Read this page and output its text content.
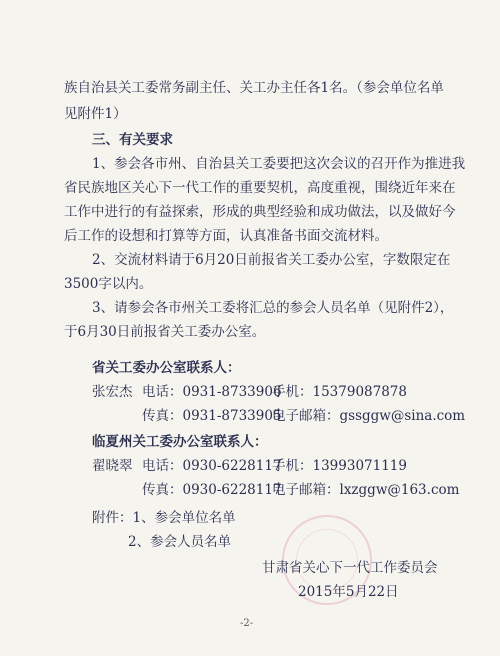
族自治县关工委常务副主任、关工办主任各1名。（参会单位名单
见附件1）
三、有关要求
1、参会各市州、自治县关工委要把这次会议的召开作为推进我
省民族地区关心下一代工作的重要契机，高度重视，围绕近年来在
工作中进行的有益探索，形成的典型经验和成功做法，以及做好今
后工作的设想和打算等方面，认真准备书面交流材料。
2、交流材料请于6月20日前报省关工委办公室，字数限定在
3500字以内。
3、请参会各市州关工委将汇总的参会人员名单（见附件2），
于6月30日前报省关工委办公室。
省关工委办公室联系人：
张宏杰 电话：0931-8733906
手机：15379087878
传真：0931-8733905
电子邮箱：gssggw@sina.com
临夏州关工委办公室联系人：
翟晓翠 电话：0930-6228117
手机：13993071119
传真：0930-6228117
电子邮箱：lxzggw@163.com
附件：1、参会单位名单
2、参会人员名单
甘肃省关心下一代工作委员会
2015年5月22日
-2-
